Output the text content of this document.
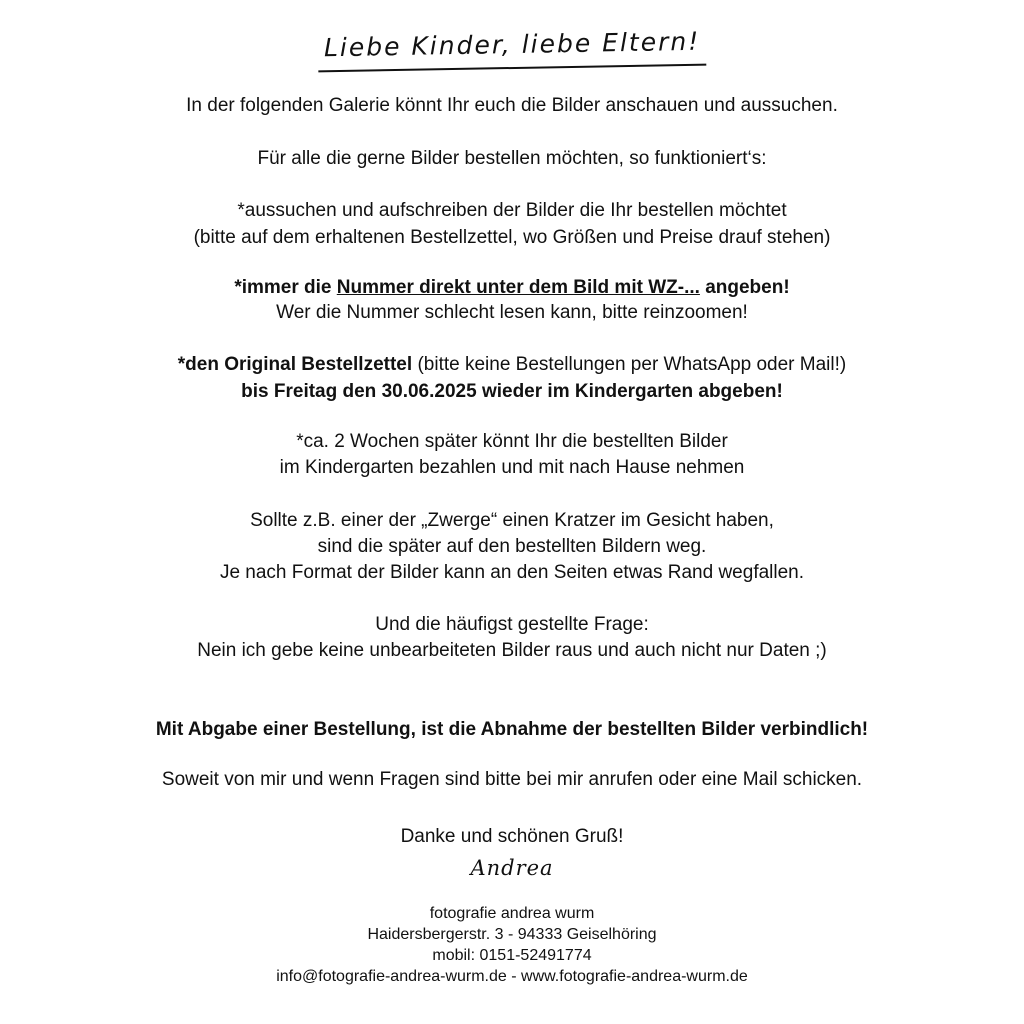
Liebe Kinder, liebe Eltern!
In der folgenden Galerie könnt Ihr euch die Bilder anschauen und aussuchen.
Für alle die gerne Bilder bestellen möchten, so funktioniert‘s:
*aussuchen und aufschreiben der Bilder die Ihr bestellen möchtet
(bitte auf dem erhaltenen Bestellzettel, wo Größen und Preise drauf stehen)
*immer die Nummer direkt unter dem Bild mit WZ-... angeben!
Wer die Nummer schlecht lesen kann, bitte reinzoomen!
*den Original Bestellzettel (bitte keine Bestellungen per WhatsApp oder Mail!)
bis Freitag den 30.06.2025 wieder im Kindergarten abgeben!
*ca. 2 Wochen später könnt Ihr die bestellten Bilder
im Kindergarten bezahlen und mit nach Hause nehmen
Sollte z.B. einer der „Zwerge“ einen Kratzer im Gesicht haben,
sind die später auf den bestellten Bildern weg.
Je nach Format der Bilder kann an den Seiten etwas Rand wegfallen.
Und die häufigst gestellte Frage:
Nein ich gebe keine unbearbeiteten Bilder raus und auch nicht nur Daten ;)
Mit Abgabe einer Bestellung, ist die Abnahme der bestellten Bilder verbindlich!
Soweit von mir und wenn Fragen sind bitte bei mir anrufen oder eine Mail schicken.
Danke und schönen Gruß!
Andrea
fotografie andrea wurm
Haidersbergerstr. 3 - 94333 Geiselhöring
mobil: 0151-52491774
info@fotografie-andrea-wurm.de - www.fotografie-andrea-wurm.de
